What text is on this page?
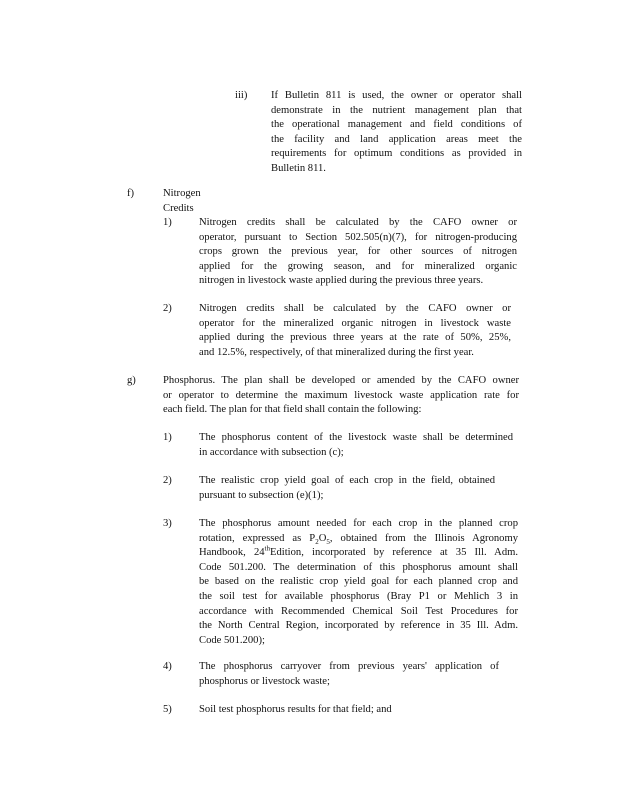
iii) If Bulletin 811 is used, the owner or operator shall
demonstrate in the nutrient management plan that
the operational management and field conditions of
the facility and land application areas meet the
requirements for optimum conditions as provided in
Bulletin 811.
f)	Nitrogen Credits
1)	Nitrogen credits shall be calculated by the CAFO owner or
operator, pursuant to Section 502.505(n)(7), for nitrogen-producing
crops grown the previous year, for other sources of nitrogen
applied for the growing season, and for mineralized organic
nitrogen in livestock waste applied during the previous three years.
2)	Nitrogen credits shall be calculated by the CAFO owner or
operator for the mineralized organic nitrogen in livestock waste
applied during the previous three years at the rate of 50%, 25%,
and 12.5%, respectively, of that mineralized during the first year.
g)	Phosphorus. The plan shall be developed or amended by the CAFO owner
or operator to determine the maximum livestock waste application rate for
each field. The plan for that field shall contain the following:
1)	The phosphorus content of the livestock waste shall be determined
in accordance with subsection (c);
2)	The realistic crop yield goal of each crop in the field, obtained
pursuant to subsection (e)(1);
3)	The phosphorus amount needed for each crop in the planned crop
rotation, expressed as $P_2O_5$, obtained from the Illinois Agronomy
Handbook, 24thEdition, incorporated by reference at 35 Ill. Adm.
Code 501.200. The determination of this phosphorus amount shall
be based on the realistic crop yield goal for each planned crop and
the soil test for available phosphorus (Bray P1 or Mehlich 3 in
accordance with Recommended Chemical Soil Test Procedures for
the North Central Region, incorporated by reference in 35 Ill. Adm.
Code 501.200);
4)	The phosphorus carryover from previous years' application of
phosphorus or livestock waste;
5)	Soil test phosphorus results for that field; and
